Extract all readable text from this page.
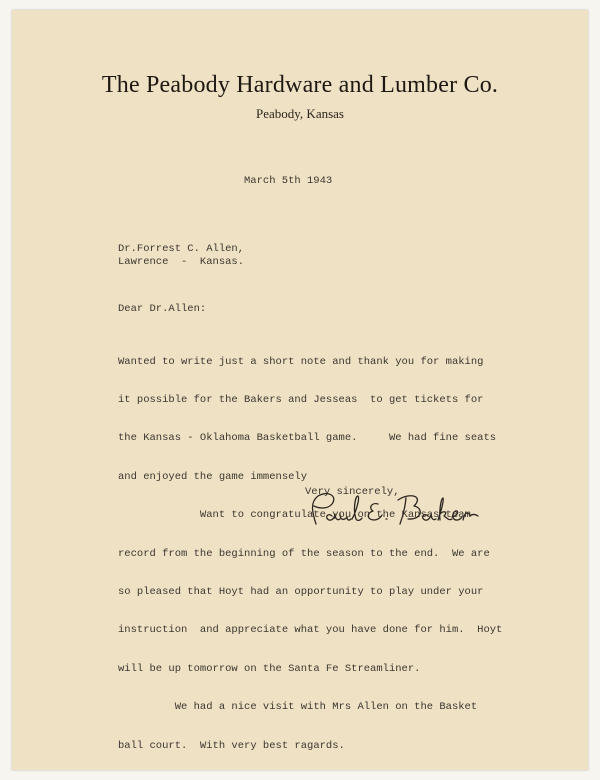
The Peabody Hardware and Lumber Co.
Peabody, Kansas
March 5th 1943
Dr.Forrest C. Allen,
Lawrence  -  Kansas.
Dear Dr.Allen:

Wanted to write just a short note and thank you for making

it possible for the Bakers and Jesseas  to get tickets for

the Kansas - Oklahoma Basketball game.     We had fine seats

and enjoyed the game immensely

Want to congratulate you on the Kansas team

record from the beginning of the season to the end.  We are

so pleased that Hoyt had an opportunity to play under your

instruction  and appreciate what you have done for him.  Hoyt

will be up tomorrow on the Santa Fe Streamliner.

We had a nice visit with Mrs Allen on the Basket

ball court.  With very best ragards.

Very sincerely,
